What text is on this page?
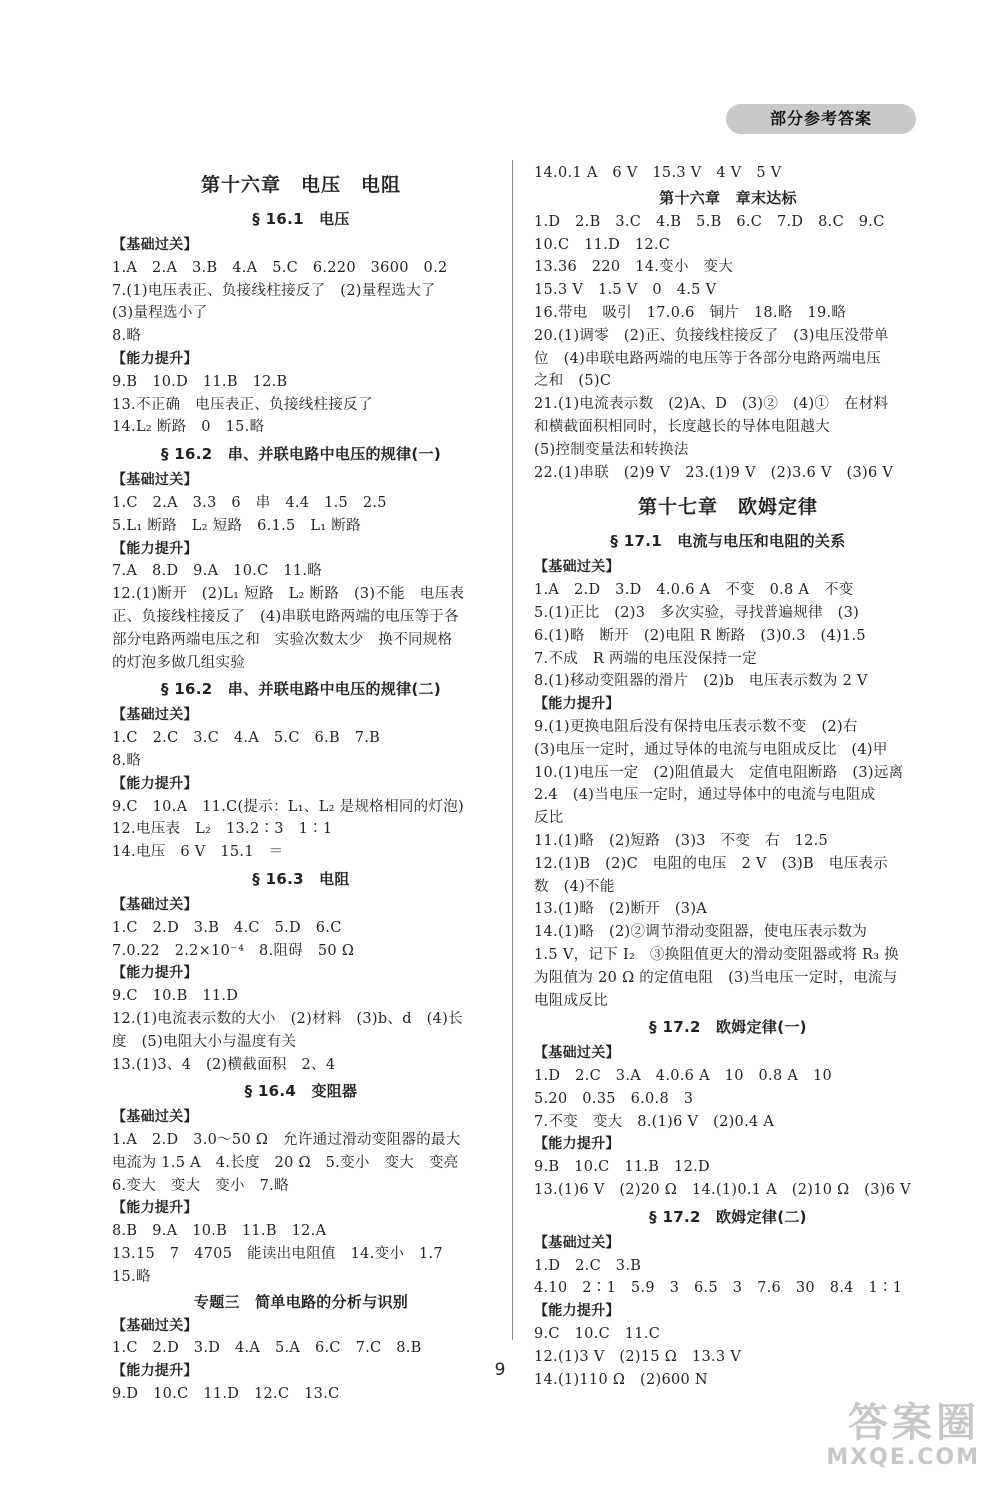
部分参考答案
第十六章　电压　电阻
§ 16.1　电压
【基础过关】
1.A　2.A　3.B　4.A　5.C　6.220　3600　0.2
7.(1)电压表正、负接线柱接反了　(2)量程选大了
(3)量程选小了
8.略
【能力提升】
9.B　10.D　11.B　12.B
13.不正确　电压表正、负接线柱接反了
14.L₂ 断路　0　15.略
§ 16.2　串、并联电路中电压的规律(一)
【基础过关】
1.C　2.A　3.3　6　串　4.4　1.5　2.5
5.L₁ 断路　L₂ 短路　6.1.5　L₁ 断路
【能力提升】
7.A　8.D　9.A　10.C　11.略
12.(1)断开　(2)L₁ 短路　L₂ 断路　(3)不能　电压表
正、负接线柱接反了　(4)串联电路两端的电压等于各
部分电路两端电压之和　实验次数太少　换不同规格
的灯泡多做几组实验
§ 16.2　串、并联电路中电压的规律(二)
【基础过关】
1.C　2.C　3.C　4.A　5.C　6.B　7.B
8.略
【能力提升】
9.C　10.A　11.C(提示：L₁、L₂ 是规格相同的灯泡)
12.电压表　L₂　13.2∶3　1∶1
14.电压　6 V　15.1　＝
§ 16.3　电阻
【基础过关】
1.C　2.D　3.B　4.C　5.D　6.C
7.0.22　2.2×10⁻⁴　8.阻碍　50 Ω
【能力提升】
9.C　10.B　11.D
12.(1)电流表示数的大小　(2)材料　(3)b、d　(4)长
度　(5)电阻大小与温度有关
13.(1)3、4　(2)横截面积　2、4
§ 16.4　变阻器
【基础过关】
1.A　2.D　3.0～50 Ω　允许通过滑动变阻器的最大
电流为 1.5 A　4.长度　20 Ω　5.变小　变大　变亮
6.变大　变大　变小　7.略
【能力提升】
8.B　9.A　10.B　11.B　12.A
13.15　7　4705　能读出电阻值　14.变小　1.7
15.略
专题三　简单电路的分析与识别
【基础过关】
1.C　2.D　3.D　4.A　5.A　6.C　7.C　8.B
【能力提升】
9.D　10.C　11.D　12.C　13.C
14.0.1 A　6 V　15.3 V　4 V　5 V
第十六章　章末达标
1.D　2.B　3.C　4.B　5.B　6.C　7.D　8.C　9.C
10.C　11.D　12.C
13.36　220　14.变小　变大
15.3 V　1.5 V　0　4.5 V
16.带电　吸引　17.0.6　铜片　18.略　19.略
20.(1)调零　(2)正、负接线柱接反了　(3)电压没带单
位　(4)串联电路两端的电压等于各部分电路两端电压
之和　(5)C
21.(1)电流表示数　(2)A、D　(3)②　(4)①　在材料
和横截面积相同时，长度越长的导体电阻越大
(5)控制变量法和转换法
22.(1)串联　(2)9 V　23.(1)9 V　(2)3.6 V　(3)6 V
第十七章　欧姆定律
§ 17.1　电流与电压和电阻的关系
【基础过关】
1.A　2.D　3.D　4.0.6 A　不变　0.8 A　不变
5.(1)正比　(2)3　多次实验，寻找普遍规律　(3)
6.(1)略　断开　(2)电阻 R 断路　(3)0.3　(4)1.5
7.不成　R 两端的电压没保持一定
8.(1)移动变阻器的滑片　(2)b　电压表示数为 2 V
【能力提升】
9.(1)更换电阻后没有保持电压表示数不变　(2)右
(3)电压一定时，通过导体的电流与电阻成反比　(4)甲
10.(1)电压一定　(2)阻值最大　定值电阻断路　(3)远离
2.4　(4)当电压一定时，通过导体中的电流与电阻成
反比
11.(1)略　(2)短路　(3)3　不变　右　12.5
12.(1)B　(2)C　电阻的电压　2 V　(3)B　电压表示
数　(4)不能
13.(1)略　(2)断开　(3)A
14.(1)略　(2)②调节滑动变阻器，使电压表示数为
1.5 V，记下 I₂　③换阻值更大的滑动变阻器或将 R₃ 换
为阻值为 20 Ω 的定值电阻　(3)当电压一定时，电流与
电阻成反比
§ 17.2　欧姆定律(一)
【基础过关】
1.D　2.C　3.A　4.0.6 A　10　0.8 A　10
5.20　0.35　6.0.8　3
7.不变　变大　8.(1)6 V　(2)0.4 A
【能力提升】
9.B　10.C　11.B　12.D
13.(1)6 V　(2)20 Ω　14.(1)0.1 A　(2)10 Ω　(3)6 V
§ 17.2　欧姆定律(二)
【基础过关】
1.D　2.C　3.B
4.10　2∶1　5.9　3　6.5　3　7.6　30　8.4　1∶1
【能力提升】
9.C　10.C　11.C
12.(1)3 V　(2)15 Ω　13.3 V
14.(1)110 Ω　(2)600 N
9
答案圈
MXQE.COM
